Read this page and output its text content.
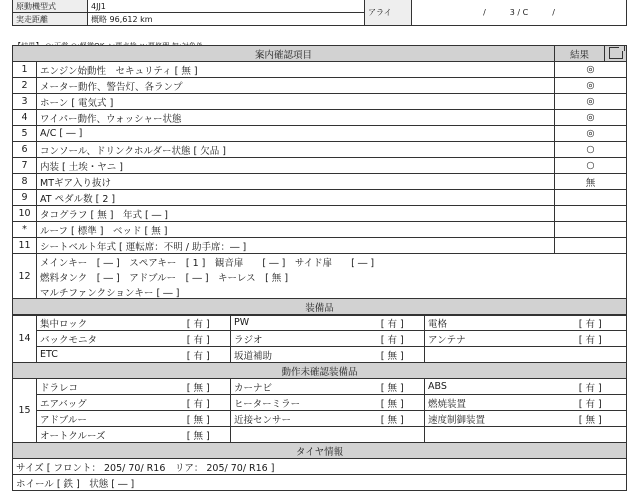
原動機型式	4JJ1	アライ	/　　　3 / C　　　/
実走距離	概略 96,612 km		
案内確認項目		結果	
1	エンジン始動性　セキュリティ [ 無 ]	◎	
2	メーター動作、警告灯、各ランプ	◎	
3	ホーン [ 電気式 ]	◎	
4	ワイパー動作、ウォッシャー状態	◎	
5	A/C [ ― ]	◎	
6	コンソール、ドリンクホルダー状態 [ 欠品 ]	○	
7	内装 [ 土埃・ヤニ ]	○	
8	MTギア入り抜け	無	
9	AT ペダル数 [ 2 ]		
10	タコグラフ [ 無 ]　年式 [ ― ]		
*	ルーフ [ 標準 ]　ベッド [ 無 ]		
11	シートベルト年式 [ 運転席：不明 / 助手席：― ]		
12	メインキー　[ ― ]　スペアキー　[ 1 ]　観音扉　　[ ― ]　サイド扉　　[ ― ]		
	燃料タンク　[ ― ]　アドブルー　[ ― ]　キーレス　[ 無 ]		
	マルチファンクションキー [ ― ]		

装備品						
14	集中ロック	[ 有 ]	PW	[ 有 ]	電格	[ 有 ]
	バックモニタ	[ 有 ]	ラジオ	[ 有 ]	アンテナ	[ 有 ]
	ETC	[ 有 ]	坂道補助	[ 無 ]		
動作未確認装備品						
15	ドラレコ	[ 無 ]	カーナビ	[ 無 ]	ABS	[ 有 ]
	エアバッグ	[ 有 ]	ヒーターミラー	[ 無 ]	燃焼装置	[ 有 ]
	アドブルー	[ 無 ]	近接センサー	[ 無 ]	速度制御装置	[ 無 ]
	オートクルーズ	[ 無 ]				
タイヤ情報						
サイズ [ フロント： 205/ 70/ R16　リア： 205/ 70/ R16 ]						
ホイール [ 鉄 ]　状態 [ ― ]						
